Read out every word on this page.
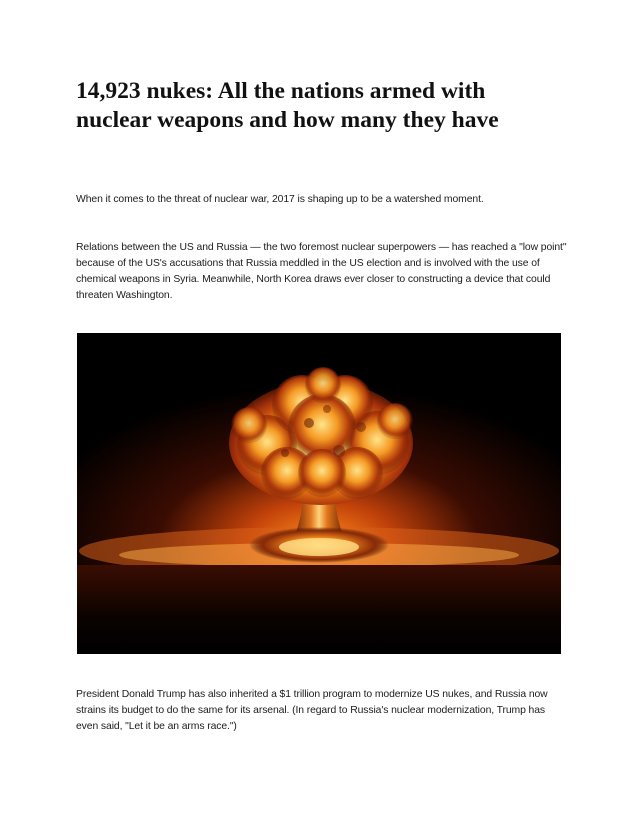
14,923 nukes: All the nations armed with nuclear weapons and how many they have

When it comes to the threat of nuclear war, 2017 is shaping up to be a watershed moment.

Relations between the US and Russia — the two foremost nuclear superpowers — has reached a "low point" because of the US's accusations that Russia meddled in the US election and is involved with the use of chemical weapons in Syria. Meanwhile, North Korea draws ever closer to constructing a device that could threaten Washington.

President Donald Trump has also inherited a $1 trillion program to modernize US nukes, and Russia now strains its budget to do the same for its arsenal. (In regard to Russia's nuclear modernization, Trump has even said, "Let it be an arms race.")
